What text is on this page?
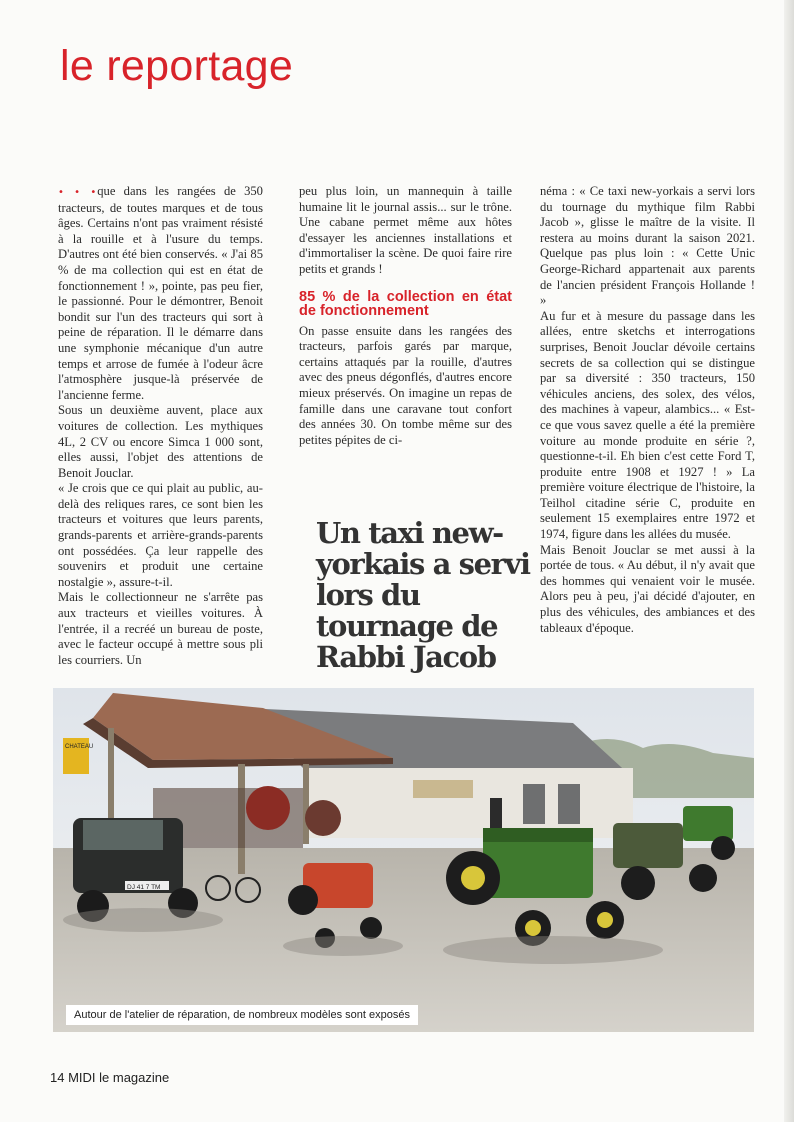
le reportage

• • •que dans les rangées de 350 tracteurs, de toutes marques et de tous âges. Certains n'ont pas vraiment résisté à la rouille et à l'usure du temps. D'autres ont été bien conservés. « J'ai 85 % de ma collection qui est en état de fonctionnement ! », pointe, pas peu fier, le passionné. Pour le démontrer, Benoit bondit sur l'un des tracteurs qui sort à peine de réparation. Il le démarre dans une symphonie mécanique d'un autre temps et arrose de fumée à l'odeur âcre l'atmosphère jusque-là préservée de l'ancienne ferme.

Sous un deuxième auvent, place aux voitures de collection. Les mythiques 4L, 2 CV ou encore Simca 1 000 sont, elles aussi, l'objet des attentions de Benoit Jouclar.

« Je crois que ce qui plait au public, au-delà des reliques rares, ce sont bien les tracteurs et voitures que leurs parents, grands-parents et arrière-grands-parents ont possédées. Ça leur rappelle des souvenirs et produit une certaine nostalgie », assure-t-il.

Mais le collectionneur ne s'arrête pas aux tracteurs et vieilles voitures. À l'entrée, il a recréé un bureau de poste, avec le facteur occupé à mettre sous pli les courriers. Un

peu plus loin, un mannequin à taille humaine lit le journal assis... sur le trône. Une cabane permet même aux hôtes d'essayer les anciennes installations et d'immortaliser la scène. De quoi faire rire petits et grands !

85 % de la collection en état de fonctionnement

On passe ensuite dans les rangées des tracteurs, parfois garés par marque, certains attaqués par la rouille, d'autres avec des pneus dégonflés, d'autres encore mieux préservés. On imagine un repas de famille dans une caravane tout confort des années 30. On tombe même sur des petites pépites de ci-

néma : « Ce taxi new-yorkais a servi lors du tournage du mythique film Rabbi Jacob », glisse le maître de la visite. Il restera au moins durant la saison 2021. Quelque pas plus loin : « Cette Unic George-Richard appartenait aux parents de l'ancien président François Hollande ! »

Au fur et à mesure du passage dans les allées, entre sketchs et interrogations surprises, Benoit Jouclar dévoile certains secrets de sa collection qui se distingue par sa diversité : 350 tracteurs, 150 véhicules anciens, des solex, des vélos, des machines à vapeur, alambics... « Est-ce que vous savez quelle a été la première voiture au monde produite en série ?, questionne-t-il. Eh bien c'est cette Ford T, produite entre 1908 et 1927 ! » La première voiture électrique de l'histoire, la Teilhol citadine série C, produite en seulement 15 exemplaires entre 1972 et 1974, figure dans les allées du musée.

Mais Benoit Jouclar se met aussi à la portée de tous. « Au début, il n'y avait que des hommes qui venaient voir le musée. Alors peu à peu, j'ai décidé d'ajouter, en plus des véhicules, des ambiances et des tableaux d'époque.

Un taxi new-yorkais a servi lors du tournage de Rabbi Jacob
CHATEAU
DJ 41 7 TM
Autour de l'atelier de réparation, de nombreux modèles sont exposés
14 MIDI le magazine
